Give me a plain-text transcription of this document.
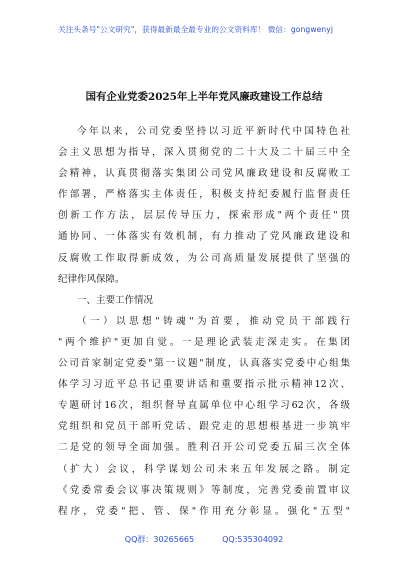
关注头条号"公文研究"，获得最新最全最专业的公文资料库！ 微信：gongwenyj
国有企业党委2025年上半年党风廉政建设工作总结
今年以来，公司党委坚持以习近平新时代中国特色社
会主义思想为指导，深入贯彻党的二十大及二十届三中全
会精神，认真贯彻落实集团公司党风廉政建设和反腐败工
作部署，严格落实主体责任，积极支持纪委履行监督责任
创新工作方法，层层传导压力，探索形成"两个责任"贯
通协同、一体落实有效机制，有力推动了党风廉政建设和
反腐败工作取得新成效，为公司高质量发展提供了坚强的
纪律作风保障。
一、主要工作情况
（一）以思想"铸魂"为首要，推动党员干部践行
"两个维护"更加自觉。一是理论武装走深走实。在集团
公司首家制定党委"第一议题"制度，认真落实党委中心组集
体学习习近平总书记重要讲话和重要指示批示精神12次、
专题研讨16次，组织督导直属单位中心组学习62次，各级
党组织和党员干部听党话、跟党走的思想根基进一步筑牢
二是党的领导全面加强。胜利召开公司党委五届三次全体
（扩大）会议，科学谋划公司未来五年发展之路。制定
《党委常委会议事决策规则》等制度，完善党委前置审议
程序，党委"把、管、保"作用充分彰显。强化"五型"
QQ群：30265665	QQ:535304092
